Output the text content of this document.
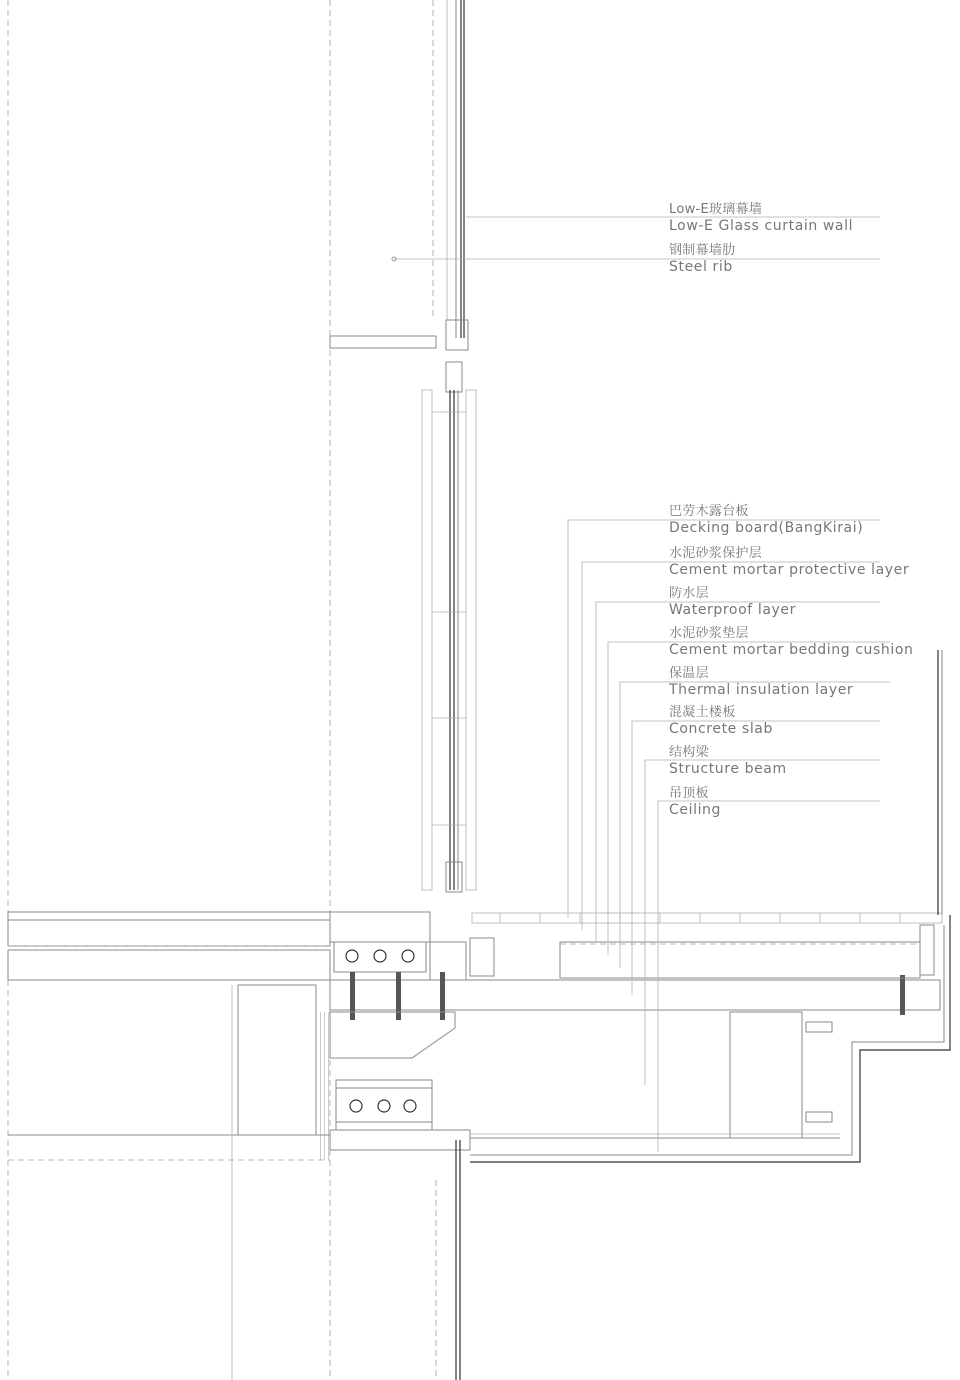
Low-E玻璃幕墙
Low-E Glass curtain wall
钢制幕墙肋
Steel rib
巴劳木露台板
Decking board(BangKirai)
水泥砂浆保护层
Cement mortar protective layer
防水层
Waterproof layer
水泥砂浆垫层
Cement mortar bedding cushion
保温层
Thermal insulation layer
混凝土楼板
Concrete slab
结构梁
Structure beam
吊顶板
Ceiling
